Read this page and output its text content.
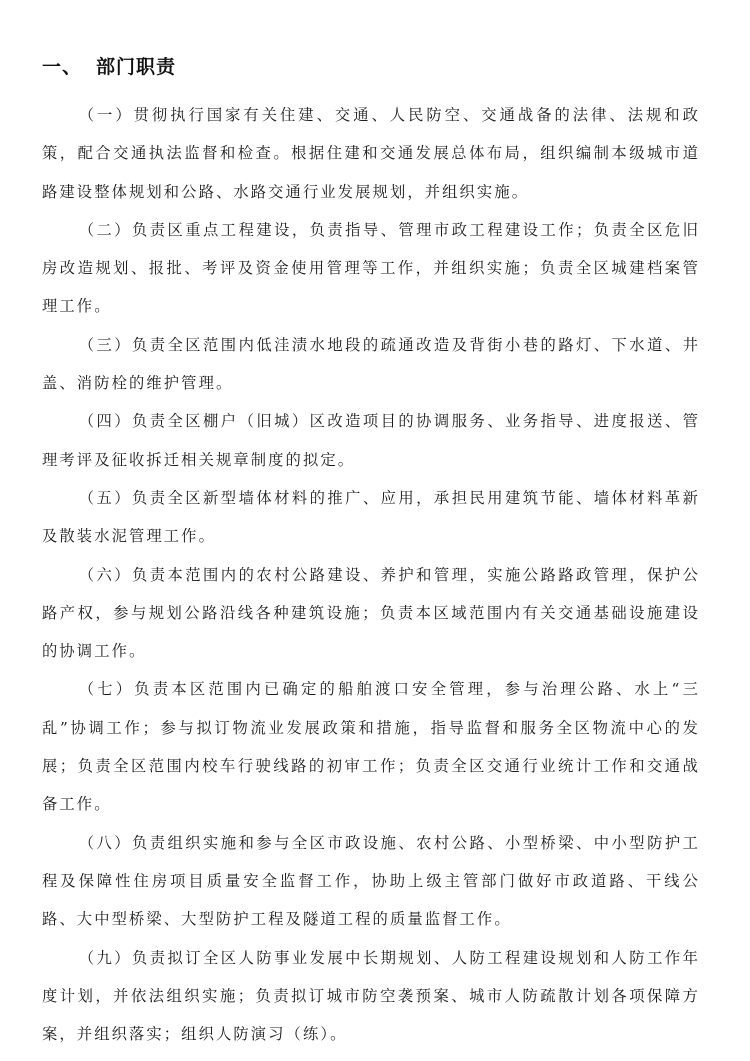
一、 部门职责

（一）贯彻执行国家有关住建、交通、人民防空、交通战备的法律、法规和政策，配合交通执法监督和检查。根据住建和交通发展总体布局，组织编制本级城市道路建设整体规划和公路、水路交通行业发展规划，并组织实施。

（二）负责区重点工程建设，负责指导、管理市政工程建设工作；负责全区危旧房改造规划、报批、考评及资金使用管理等工作，并组织实施；负责全区城建档案管理工作。

（三）负责全区范围内低洼渍水地段的疏通改造及背街小巷的路灯、下水道、井盖、消防栓的维护管理。

（四）负责全区棚户（旧城）区改造项目的协调服务、业务指导、进度报送、管理考评及征收拆迁相关规章制度的拟定。

（五）负责全区新型墙体材料的推广、应用，承担民用建筑节能、墙体材料革新及散装水泥管理工作。

（六）负责本范围内的农村公路建设、养护和管理，实施公路路政管理，保护公路产权，参与规划公路沿线各种建筑设施；负责本区域范围内有关交通基础设施建设的协调工作。

（七）负责本区范围内已确定的船舶渡口安全管理，参与治理公路、水上“三乱”协调工作；参与拟订物流业发展政策和措施，指导监督和服务全区物流中心的发展；负责全区范围内校车行驶线路的初审工作；负责全区交通行业统计工作和交通战备工作。

（八）负责组织实施和参与全区市政设施、农村公路、小型桥梁、中小型防护工程及保障性住房项目质量安全监督工作，协助上级主管部门做好市政道路、干线公路、大中型桥梁、大型防护工程及隧道工程的质量监督工作。

（九）负责拟订全区人防事业发展中长期规划、人防工程建设规划和人防工作年度计划，并依法组织实施；负责拟订城市防空袭预案、城市人防疏散计划各项保障方案，并组织落实；组织人防演习（练）。
